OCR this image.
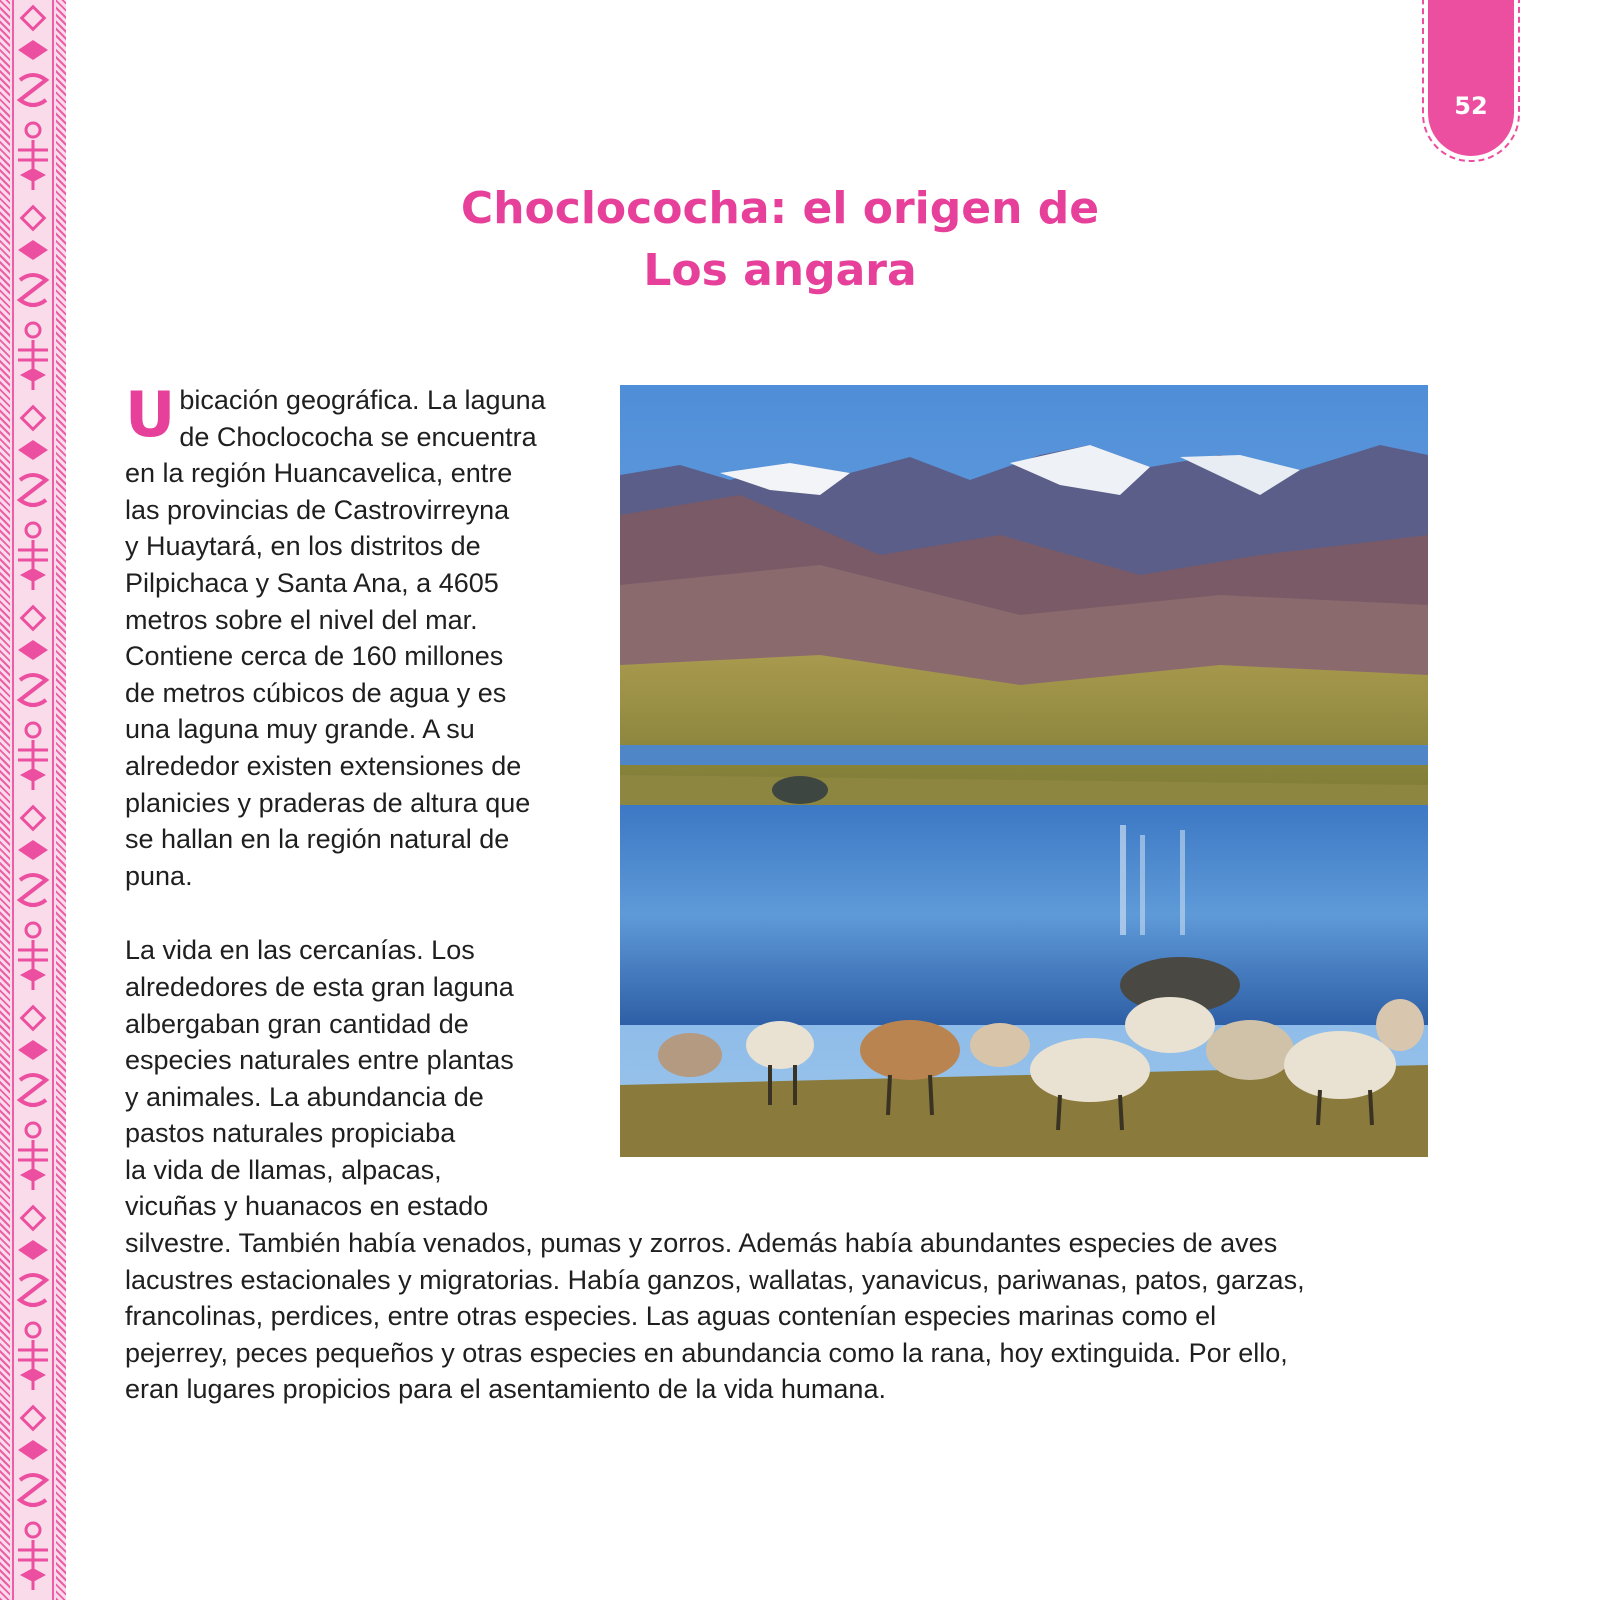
52
Choclococha: el origen de
Los angara
U bicación geográfica. La laguna

de Choclococha se encuentra

en la región Huancavelica, entre

las provincias de Castrovirreyna

y Huaytará, en los distritos de

Pilpichaca y Santa Ana, a 4605

metros sobre el nivel del mar.

Contiene cerca de 160 millones

de metros cúbicos de agua y es

una laguna muy grande. A su

alrededor existen extensiones de

planicies y praderas de altura que

se hallan en la región natural de

puna.

La vida en las cercanías. Los

alrededores de esta gran laguna

albergaban gran cantidad de

especies naturales entre plantas

y animales. La abundancia de

pastos naturales propiciaba

la vida de llamas, alpacas,

vicuñas y huanacos en estado

silvestre. También había venados, pumas y zorros. Además había abundantes especies de aves

lacustres estacionales y migratorias. Había ganzos, wallatas, yanavicus, pariwanas, patos, garzas,

francolinas, perdices, entre otras especies. Las aguas contenían especies marinas como el

pejerrey, peces pequeños y otras especies en abundancia como la rana, hoy extinguida. Por ello,

eran lugares propicios para el asentamiento de la vida humana.
